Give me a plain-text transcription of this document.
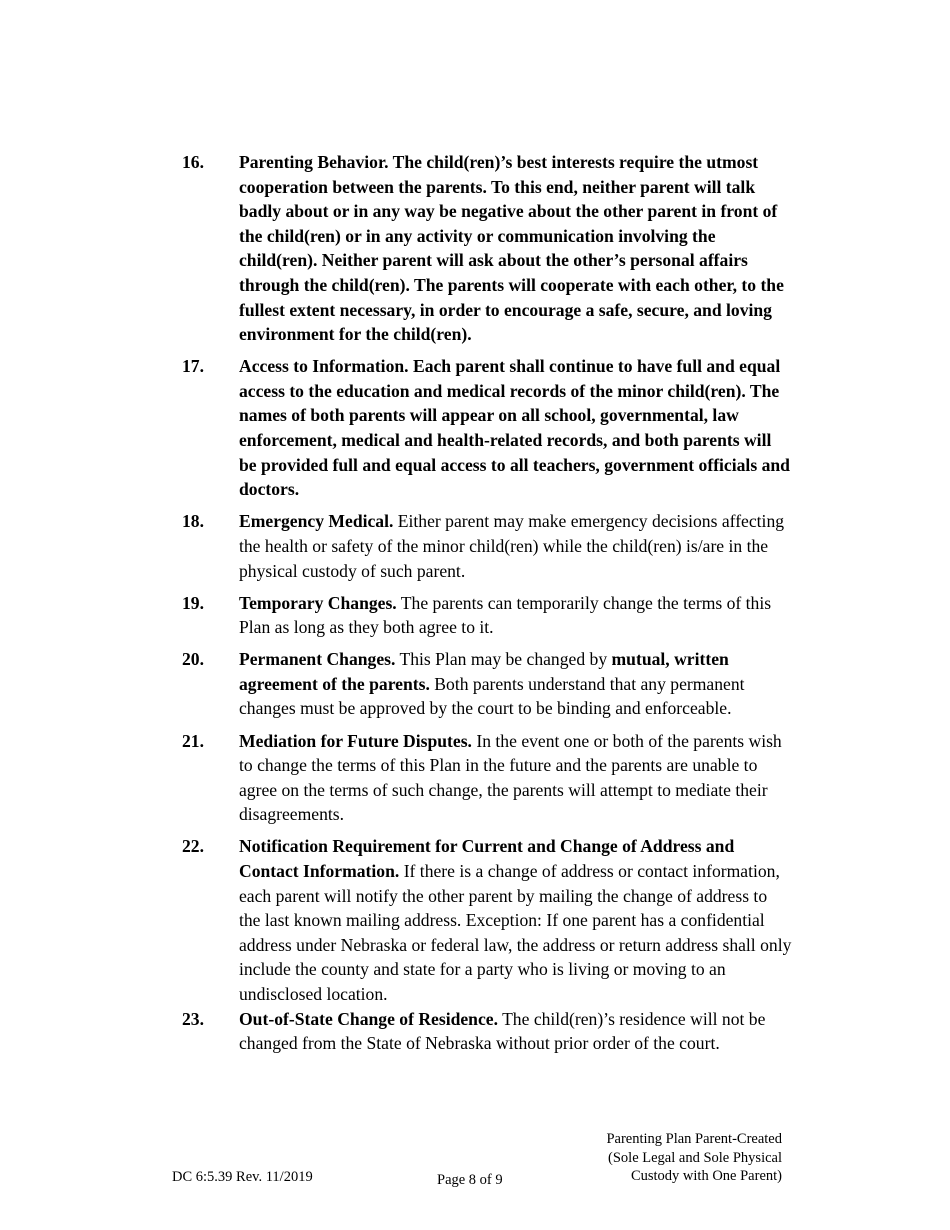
16.	Parenting Behavior. The child(ren)’s best interests require the utmost cooperation between the parents. To this end, neither parent will talk badly about or in any way be negative about the other parent in front of the child(ren) or in any activity or communication involving the child(ren). Neither parent will ask about the other’s personal affairs through the child(ren). The parents will cooperate with each other, to the fullest extent necessary, in order to encourage a safe, secure, and loving environment for the child(ren).
17.	Access to Information. Each parent shall continue to have full and equal access to the education and medical records of the minor child(ren). The names of both parents will appear on all school, governmental, law enforcement, medical and health-related records, and both parents will be provided full and equal access to all teachers, government officials and doctors.
18.	Emergency Medical. Either parent may make emergency decisions affecting the health or safety of the minor child(ren) while the child(ren) is/are in the physical custody of such parent.
19.	Temporary Changes. The parents can temporarily change the terms of this Plan as long as they both agree to it.
20.	Permanent Changes. This Plan may be changed by mutual, written agreement of the parents. Both parents understand that any permanent changes must be approved by the court to be binding and enforceable.
21.	Mediation for Future Disputes. In the event one or both of the parents wish to change the terms of this Plan in the future and the parents are unable to agree on the terms of such change, the parents will attempt to mediate their disagreements.
22.	Notification Requirement for Current and Change of Address and Contact Information. If there is a change of address or contact information, each parent will notify the other parent by mailing the change of address to the last known mailing address. Exception: If one parent has a confidential address under Nebraska or federal law, the address or return address shall only include the county and state for a party who is living or moving to an undisclosed location.
23.	Out-of-State Change of Residence. The child(ren)’s residence will not be changed from the State of Nebraska without prior order of the court.
DC 6:5.39 Rev. 11/2019	Page 8 of 9
Parenting Plan Parent-Created
(Sole Legal and Sole Physical
Custody with One Parent)
